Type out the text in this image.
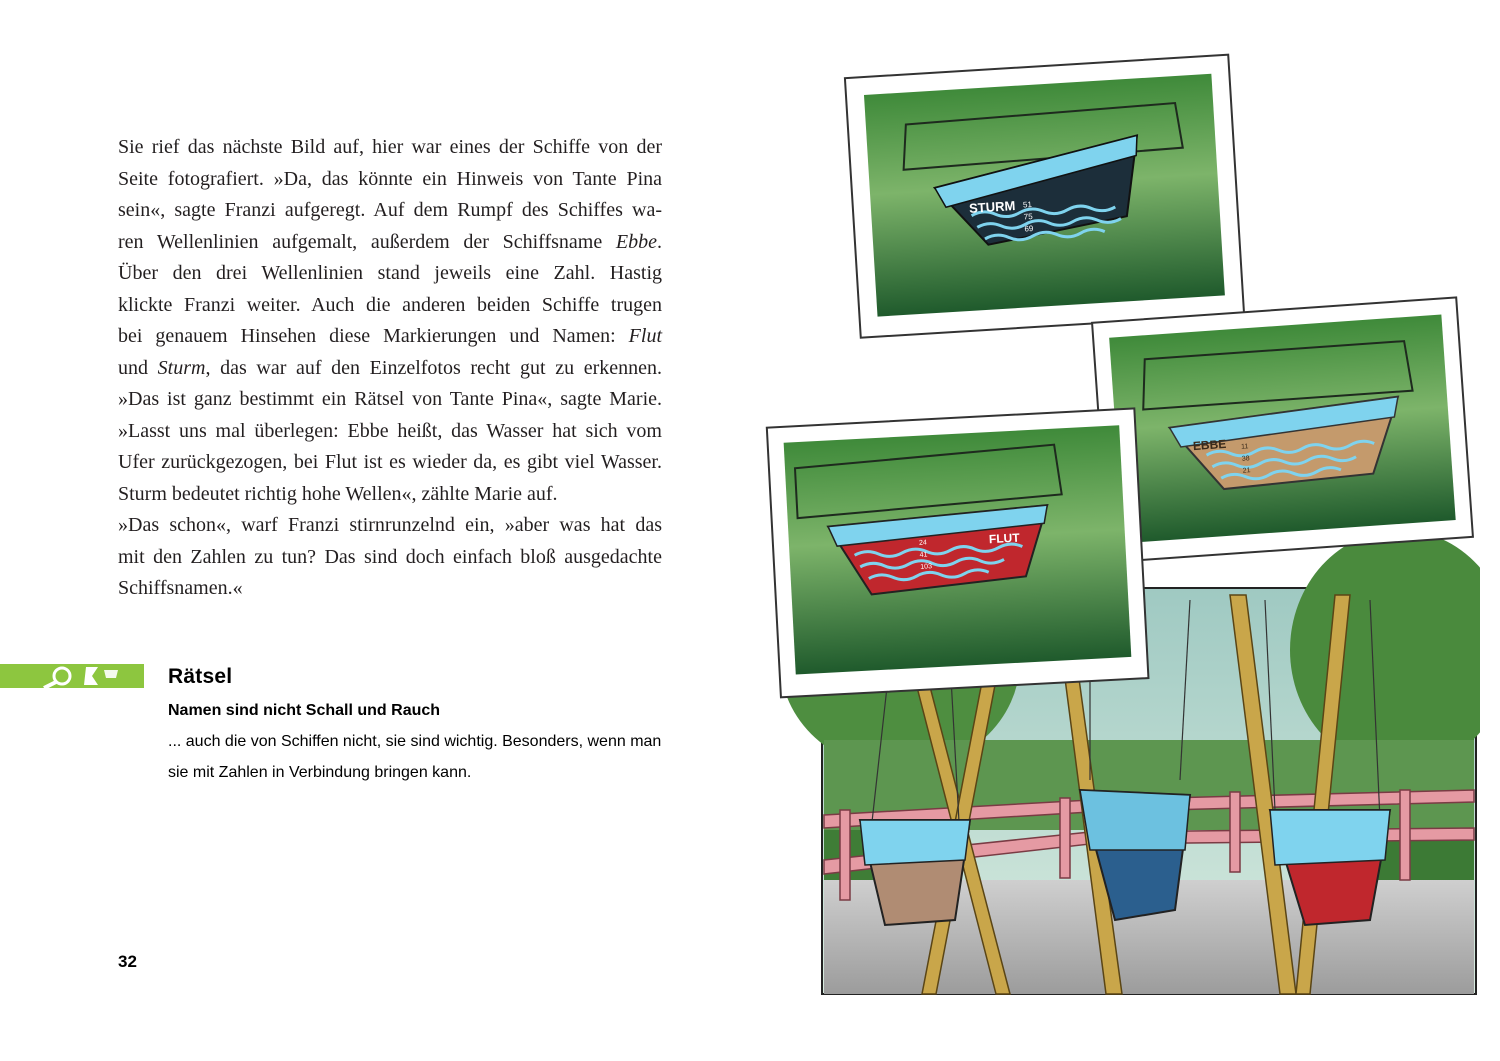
Sie rief das nächste Bild auf, hier war eines der Schiffe von der
Seite fotografiert. »Da, das könnte ein Hinweis von Tante Pina
sein«, sagte Franzi aufgeregt. Auf dem Rumpf des Schiffes wa-
ren Wellenlinien aufgemalt, außerdem der Schiffsname Ebbe.
Über den drei Wellenlinien stand jeweils eine Zahl. Hastig
klickte Franzi weiter. Auch die anderen beiden Schiffe trugen
bei genauem Hinsehen diese Markierungen und Namen: Flut
und Sturm, das war auf den Einzelfotos recht gut zu erkennen.
»Das ist ganz bestimmt ein Rätsel von Tante Pina«, sagte Marie.
»Lasst uns mal überlegen: Ebbe heißt, das Wasser hat sich vom
Ufer zurückgezogen, bei Flut ist es wieder da, es gibt viel Wasser.
Sturm bedeutet richtig hohe Wellen«, zählte Marie auf.
»Das schon«, warf Franzi stirnrunzelnd ein, »aber was hat das
mit den Zahlen zu tun? Das sind doch einfach bloß ausgedachte
Schiffsnamen.«
Rätsel
Namen sind nicht Schall und Rauch
... auch die von Schiffen nicht, sie sind wichtig. Besonders, wenn man
sie mit Zahlen in Verbindung bringen kann.
32
STURM 51
75
69
EBBE 11
38
21
FLUT
24
41
103
